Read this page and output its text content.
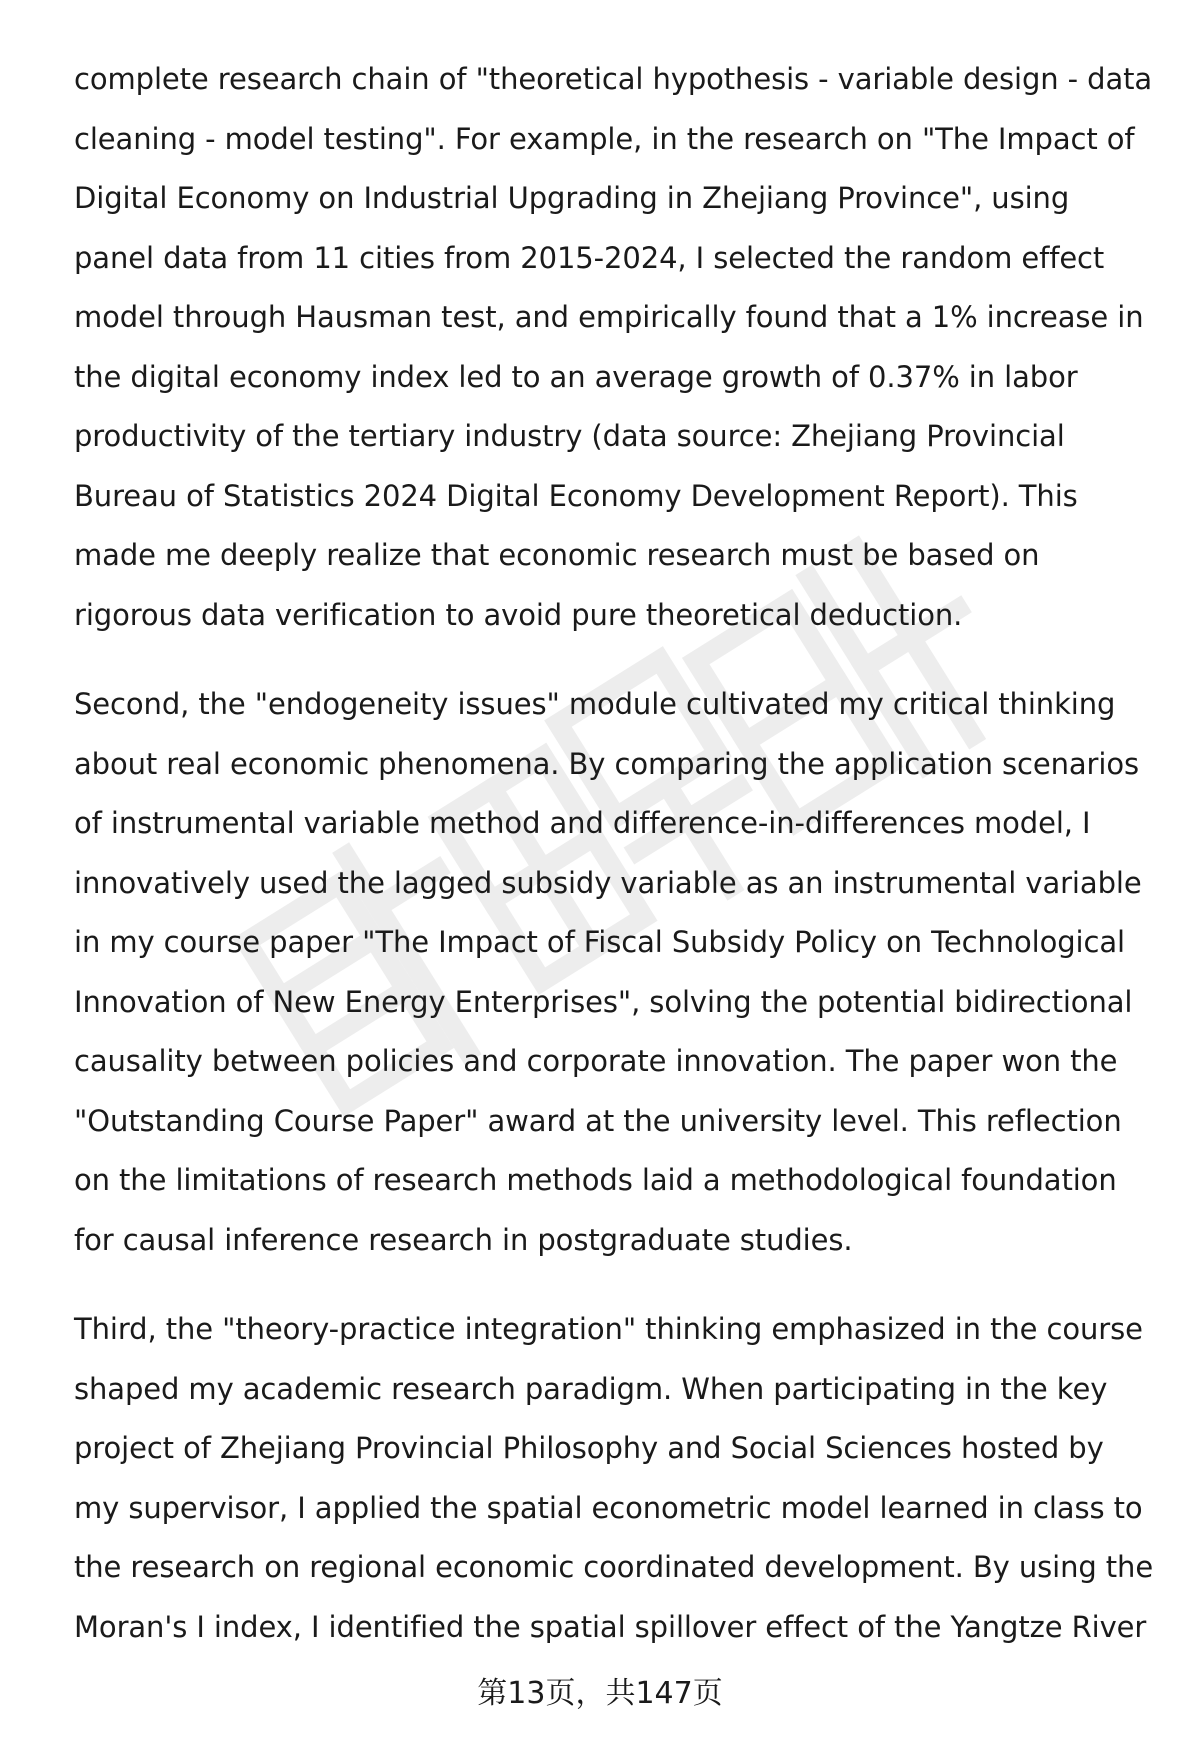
complete research chain of "theoretical hypothesis - variable design - data cleaning - model testing". For example, in the research on "The Impact of Digital Economy on Industrial Upgrading in Zhejiang Province", using panel data from 11 cities from 2015-2024, I selected the random effect model through Hausman test, and empirically found that a 1% increase in the digital economy index led to an average growth of 0.37% in labor productivity of the tertiary industry (data source: Zhejiang Provincial Bureau of Statistics 2024 Digital Economy Development Report). This made me deeply realize that economic research must be based on rigorous data verification to avoid pure theoretical deduction.

Second, the "endogeneity issues" module cultivated my critical thinking about real economic phenomena. By comparing the application scenarios of instrumental variable method and difference-in-differences model, I innovatively used the lagged subsidy variable as an instrumental variable in my course paper "The Impact of Fiscal Subsidy Policy on Technological Innovation of New Energy Enterprises", solving the potential bidirectional causality between policies and corporate innovation. The paper won the "Outstanding Course Paper" award at the university level. This reflection on the limitations of research methods laid a methodological foundation for causal inference research in postgraduate studies.

Third, the "theory-practice integration" thinking emphasized in the course shaped my academic research paradigm. When participating in the key project of Zhejiang Provincial Philosophy and Social Sciences hosted by my supervisor, I applied the spatial econometric model learned in class to the research on regional economic coordinated development. By using the Moran's I index, I identified the spatial spillover effect of the Yangtze River

第13页，共147页
